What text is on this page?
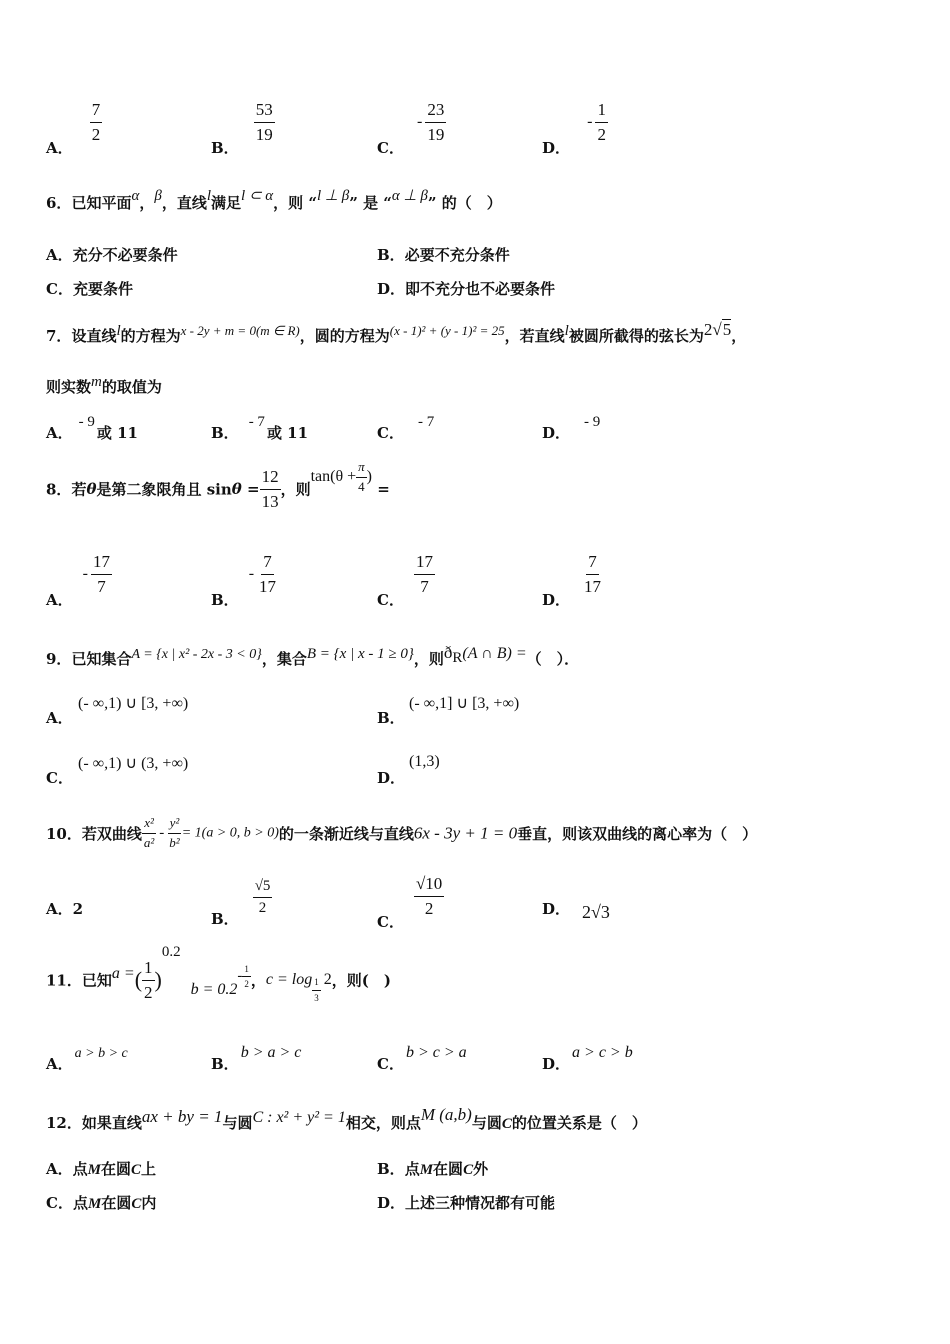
A．
$\frac{7}{2}$
B．
$\frac{53}{19}$
C． - $\frac{23}{19}$
D． - $\frac{1}{2}$
6．已知平面α，β，直线l满足l ⊂ α，则 “l ⊥ β” 是 “α ⊥ β” 的（　）
A．充分不必要条件	B．必要不充分条件
C．充要条件	D．即不充分也不必要条件
7．设直线l的方程为x - 2y + m = 0(m ∈ R)，圆的方程为(x - 1)² + (y - 1)² = 25，若直线l被圆所截得的弦长为2√5，
则实数m的取值为
A．- 9或 11	B．- 7或 11	C．- 7
D．- 9
8．若θ是第二象限角且 $\sin\theta = \frac{12}{13}$ ，则$\tan(\theta + \frac{\pi}{4}$ ) =
A．- $\frac{17}{7}$
B．- $\frac{7}{17}$
C．
$\frac{17}{7}$
D．
$\frac{7}{17}$
9．已知集合A = {x | x² - 2x - 3 < 0}，集合B = {x | x - 1 ≥ 0}，则$ð_R(A$ ∩ B) =（　）．
A．
(- ∞,1) ∪ [3, +∞)
B．
(- ∞,1] ∪ [3, +∞)
C．
(- ∞,1) ∪ (3, +∞)
D．
(1,3)
10．若双曲线 $\frac{\text{x²}}{\text{a²}} - \frac{\text{y²}}{\text{b²}} = 1(a > 0$, b > 0)的一条渐近线与直线6x - 3y + 1 = 0垂直，则该双曲线的离心率为（　）
A．2
B．
$\frac{√5}{2}$
C．
$\frac{√10}{2}$	D． 2√3
11．已知a =( $\frac{1}{2} )^{0.2}b = 0.2^{- \frac{1}{2}}$ ，$c = \log \frac{1}{3} 2$，则(　)
A．a > b > c
B．b > a > c
C．b > c > a
D．a > c > b
12．如果直线ax + by = 1与圆C : x² + y² = 1相交，则点M (a,b)与圆C的位置关系是（　）
A．点M在圆C上	B．点M在圆C外
C．点M在圆C内	D．上述三种情况都有可能
